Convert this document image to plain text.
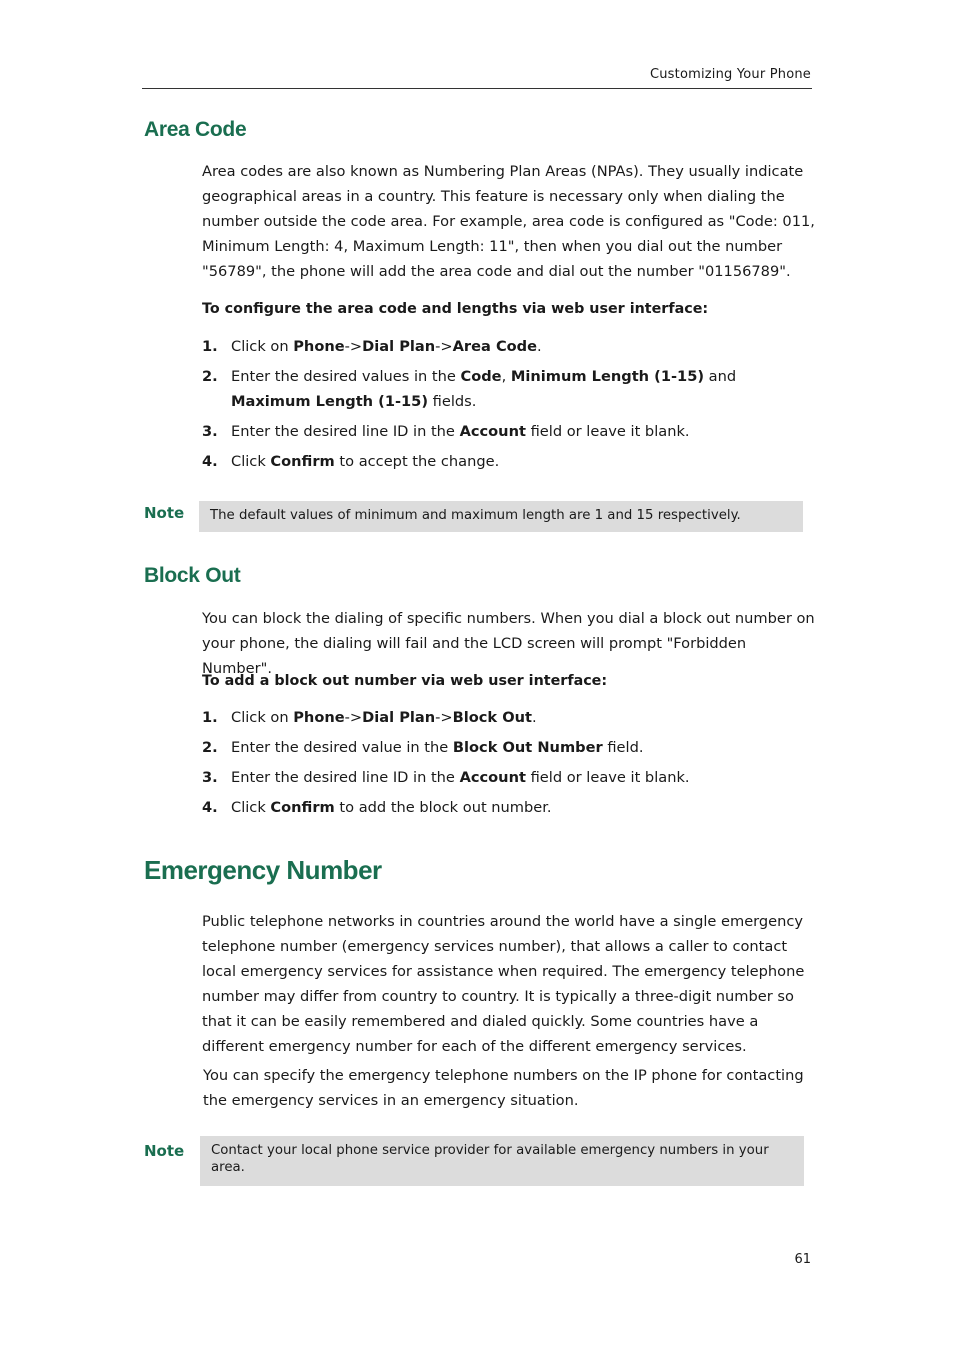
Customizing Your Phone
Area Code

Area codes are also known as Numbering Plan Areas (NPAs). They usually indicate geographical areas in a country. This feature is necessary only when dialing the number outside the code area. For example, area code is configured as "Code: 011, Minimum Length: 4, Maximum Length: 11", then when you dial out the number "56789", the phone will add the area code and dial out the number "01156789".

To configure the area code and lengths via web user interface:

1. Click on Phone->Dial Plan->Area Code.
2. Enter the desired values in the Code, Minimum Length (1-15) and Maximum Length (1-15) fields.
3. Enter the desired line ID in the Account field or leave it blank.
4. Click Confirm to accept the change.
Note	The default values of minimum and maximum length are 1 and 15 respectively.
Block Out

You can block the dialing of specific numbers. When you dial a block out number on your phone, the dialing will fail and the LCD screen will prompt "Forbidden Number".

To add a block out number via web user interface:

1. Click on Phone->Dial Plan->Block Out.
2. Enter the desired value in the Block Out Number field.
3. Enter the desired line ID in the Account field or leave it blank.
4. Click Confirm to add the block out number.
Emergency Number

Public telephone networks in countries around the world have a single emergency telephone number (emergency services number), that allows a caller to contact local emergency services for assistance when required. The emergency telephone number may differ from country to country. It is typically a three-digit number so that it can be easily remembered and dialed quickly. Some countries have a different emergency number for each of the different emergency services.

You can specify the emergency telephone numbers on the IP phone for contacting the emergency services in an emergency situation.

Note	Contact your local phone service provider for available emergency numbers in your area.
61
